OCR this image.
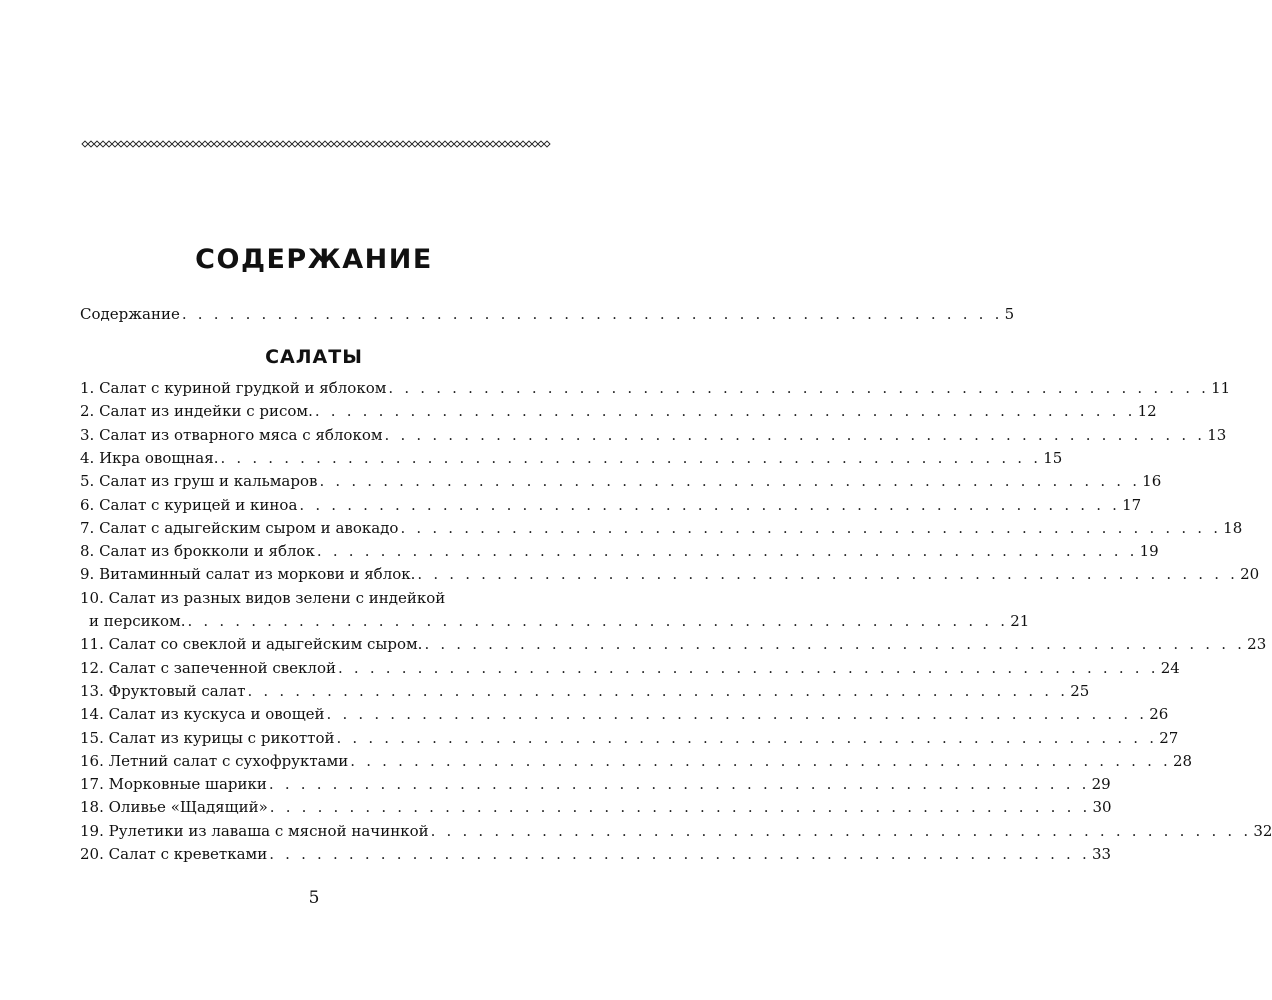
СОДЕРЖАНИЕ
Содержание . . . . . . . . . . . . . . . . . . . . . . . . . . . . . . . . . . . . . . . . . . . . . . . . . . . . 5
САЛАТЫ
1. Салат с куриной грудкой и яблоком . . . . . . . . . . . . . . . . . . . . . . . . . . . . . . . . . . . . . . . . . . . . . . . . . . . . 11
2. Салат из индейки с рисом. . . . . . . . . . . . . . . . . . . . . . . . . . . . . . . . . . . . . . . . . . . . . . . . . . . . . 12
3. Салат из отварного мяса с яблоком . . . . . . . . . . . . . . . . . . . . . . . . . . . . . . . . . . . . . . . . . . . . . . . . . . . . 13
4. Икра овощная. . . . . . . . . . . . . . . . . . . . . . . . . . . . . . . . . . . . . . . . . . . . . . . . . . . . . 15
5. Салат из груш и кальмаров . . . . . . . . . . . . . . . . . . . . . . . . . . . . . . . . . . . . . . . . . . . . . . . . . . . . 16
6. Салат с курицей и киноа . . . . . . . . . . . . . . . . . . . . . . . . . . . . . . . . . . . . . . . . . . . . . . . . . . . . 17
7. Салат с адыгейским сыром и авокадо . . . . . . . . . . . . . . . . . . . . . . . . . . . . . . . . . . . . . . . . . . . . . . . . . . . . 18
8. Салат из брокколи и яблок . . . . . . . . . . . . . . . . . . . . . . . . . . . . . . . . . . . . . . . . . . . . . . . . . . . . 19
9. Витаминный салат из моркови и яблок. . . . . . . . . . . . . . . . . . . . . . . . . . . . . . . . . . . . . . . . . . . . . . . . . . . . . 20
10. Салат из разных видов зелени с индейкой
и персиком. . . . . . . . . . . . . . . . . . . . . . . . . . . . . . . . . . . . . . . . . . . . . . . . . . . . . 21
11. Салат со свеклой и адыгейским сыром. . . . . . . . . . . . . . . . . . . . . . . . . . . . . . . . . . . . . . . . . . . . . . . . . . . . . 23
12. Салат с запеченной свеклой . . . . . . . . . . . . . . . . . . . . . . . . . . . . . . . . . . . . . . . . . . . . . . . . . . . . 24
13. Фруктовый салат . . . . . . . . . . . . . . . . . . . . . . . . . . . . . . . . . . . . . . . . . . . . . . . . . . . . 25
14. Салат из кускуса и овощей . . . . . . . . . . . . . . . . . . . . . . . . . . . . . . . . . . . . . . . . . . . . . . . . . . . . 26
15. Салат из курицы с рикоттой . . . . . . . . . . . . . . . . . . . . . . . . . . . . . . . . . . . . . . . . . . . . . . . . . . . . 27
16. Летний салат с сухофруктами . . . . . . . . . . . . . . . . . . . . . . . . . . . . . . . . . . . . . . . . . . . . . . . . . . . . 28
17. Морковные шарики . . . . . . . . . . . . . . . . . . . . . . . . . . . . . . . . . . . . . . . . . . . . . . . . . . . . 29
18. Оливье «Щадящий» . . . . . . . . . . . . . . . . . . . . . . . . . . . . . . . . . . . . . . . . . . . . . . . . . . . . 30
19. Рулетики из лаваша с мясной начинкой . . . . . . . . . . . . . . . . . . . . . . . . . . . . . . . . . . . . . . . . . . . . . . . . . . . . 32
20. Салат с креветками . . . . . . . . . . . . . . . . . . . . . . . . . . . . . . . . . . . . . . . . . . . . . . . . . . . . 33
5
